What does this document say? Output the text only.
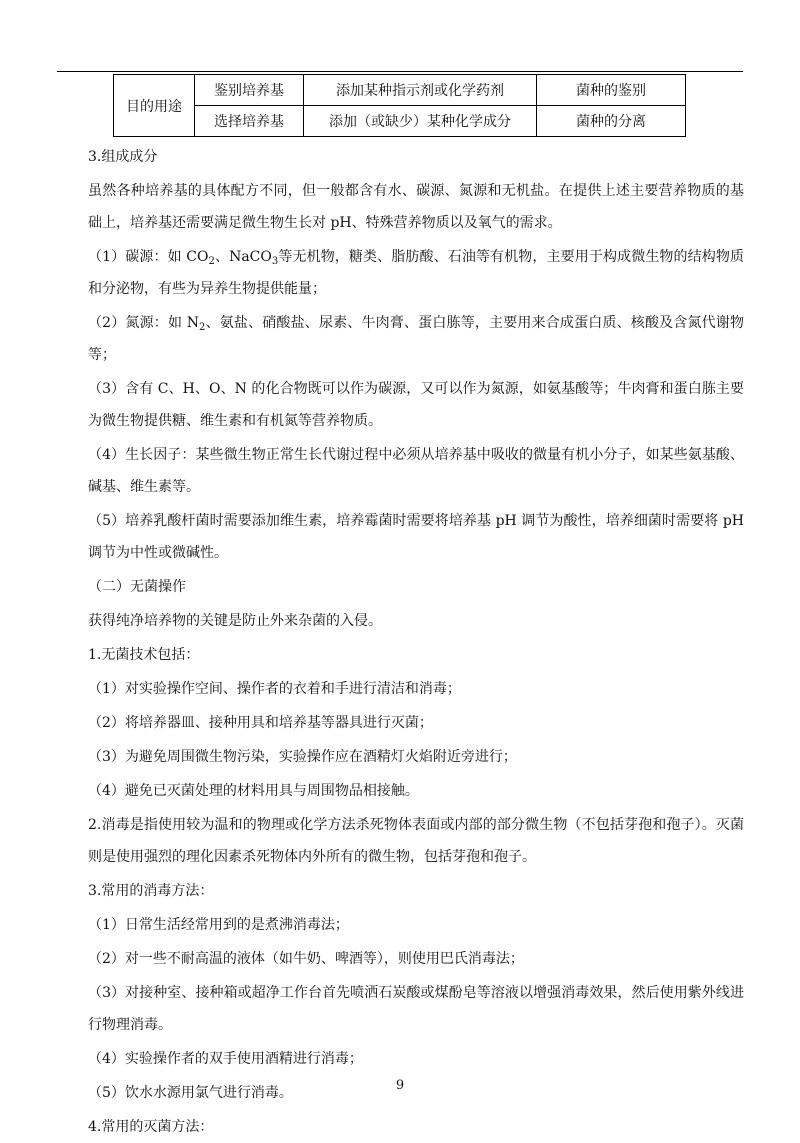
目的用途	鉴别培养基	添加某种指示剂或化学药剂	菌种的鉴别
	选择培养基	添加（或缺少）某种化学成分	菌种的分离

3.组成成分

虽然各种培养基的具体配方不同，但一般都含有水、碳源、氮源和无机盐。在提供上述主要营养物质的基础上，培养基还需要满足微生物生长对 pH、特殊营养物质以及氧气的需求。

（1）碳源：如 $CO_2$、NaCO$_3$等无机物，糖类、脂肪酸、石油等有机物，主要用于构成微生物的结构物质和分泌物，有些为异养生物提供能量；

（2）氮源：如 $N_2$、氨盐、硝酸盐、尿素、牛肉膏、蛋白胨等，主要用来合成蛋白质、核酸及含氮代谢物等；

（3）含有 C、H、O、N 的化合物既可以作为碳源，又可以作为氮源，如氨基酸等；牛肉膏和蛋白胨主要为微生物提供糖、维生素和有机氮等营养物质。

（4）生长因子：某些微生物正常生长代谢过程中必须从培养基中吸收的微量有机小分子，如某些氨基酸、碱基、维生素等。

（5）培养乳酸杆菌时需要添加维生素，培养霉菌时需要将培养基 pH 调节为酸性，培养细菌时需要将 pH 调节为中性或微碱性。

（二）无菌操作

获得纯净培养物的关键是防止外来杂菌的入侵。

1.无菌技术包括：

（1）对实验操作空间、操作者的衣着和手进行清洁和消毒；

（2）将培养器皿、接种用具和培养基等器具进行灭菌；

（3）为避免周围微生物污染，实验操作应在酒精灯火焰附近旁进行；

（4）避免已灭菌处理的材料用具与周围物品相接触。

2.消毒是指使用较为温和的物理或化学方法杀死物体表面或内部的部分微生物（不包括芽孢和孢子）。灭菌则是使用强烈的理化因素杀死物体内外所有的微生物，包括芽孢和孢子。

3.常用的消毒方法：

（1）日常生活经常用到的是煮沸消毒法；

（2）对一些不耐高温的液体（如牛奶、啤酒等），则使用巴氏消毒法；

（3）对接种室、接种箱或超净工作台首先喷洒石炭酸或煤酚皂等溶液以增强消毒效果，然后使用紫外线进行物理消毒。

（4）实验操作者的双手使用酒精进行消毒；

（5）饮水水源用氯气进行消毒。

4.常用的灭菌方法：

9
